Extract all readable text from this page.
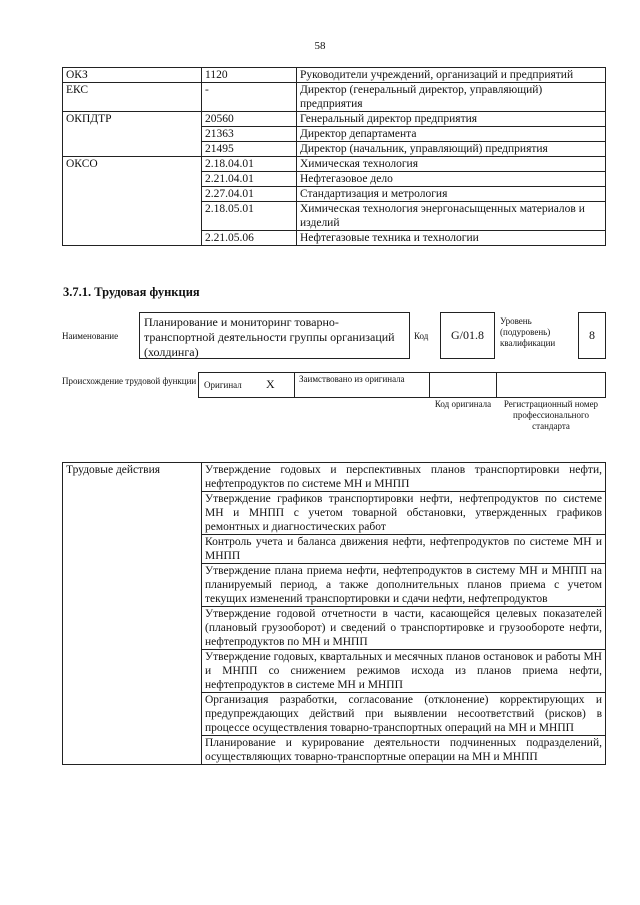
58
ОКЗ	1120	Руководители учреждений, организаций и предприятий
ЕКС	-	Директор (генеральный директор, управляющий) предприятия
ОКПДТР	20560	Генеральный директор предприятия
	21363	Директор департамента
	21495	Директор (начальник, управляющий) предприятия
ОКСО	2.18.04.01	Химическая технология
	2.21.04.01	Нефтегазовое дело
	2.27.04.01	Стандартизация и метрология
	2.18.05.01	Химическая технология энергонасыщенных материалов и изделий
	2.21.05.06	Нефтегазовые техника и технологии
3.7.1. Трудовая функция
Наименование
Планирование и мониторинг товарно-транспортной деятельности группы организаций (холдинга)
Код	G/01.8
Уровень (подуровень) квалификации
8
Происхождение трудовой функции Оригинал X	Заимствовано из оригинала
Код оригинала	Регистрационный номер профессионального стандарта
Трудовые действия	Утверждение годовых и перспективных планов транспортировки нефти, нефтепродуктов по системе МН и МНПП
Утверждение графиков транспортировки нефти, нефтепродуктов по системе МН и МНПП с учетом товарной обстановки, утвержденных графиков ремонтных и диагностических работ
Контроль учета и баланса движения нефти, нефтепродуктов по системе МН и МНПП
Утверждение плана приема нефти, нефтепродуктов в систему МН и МНПП на планируемый период, а также дополнительных планов приема с учетом текущих изменений транспортировки и сдачи нефти, нефтепродуктов
Утверждение годовой отчетности в части, касающейся целевых показателей (плановый грузооборот) и сведений о транспортировке и грузообороте нефти, нефтепродуктов по МН и МНПП
Утверждение годовых, квартальных и месячных планов остановок и работы МН и МНПП со снижением режимов исхода из планов приема нефти, нефтепродуктов в системе МН и МНПП
Организация разработки, согласование (отклонение) корректирующих и предупреждающих действий при выявлении несоответствий (рисков) в процессе осуществления товарно-транспортных операций на МН и МНПП
Планирование и курирование деятельности подчиненных подразделений, осуществляющих товарно-транспортные операции на МН и МНПП
